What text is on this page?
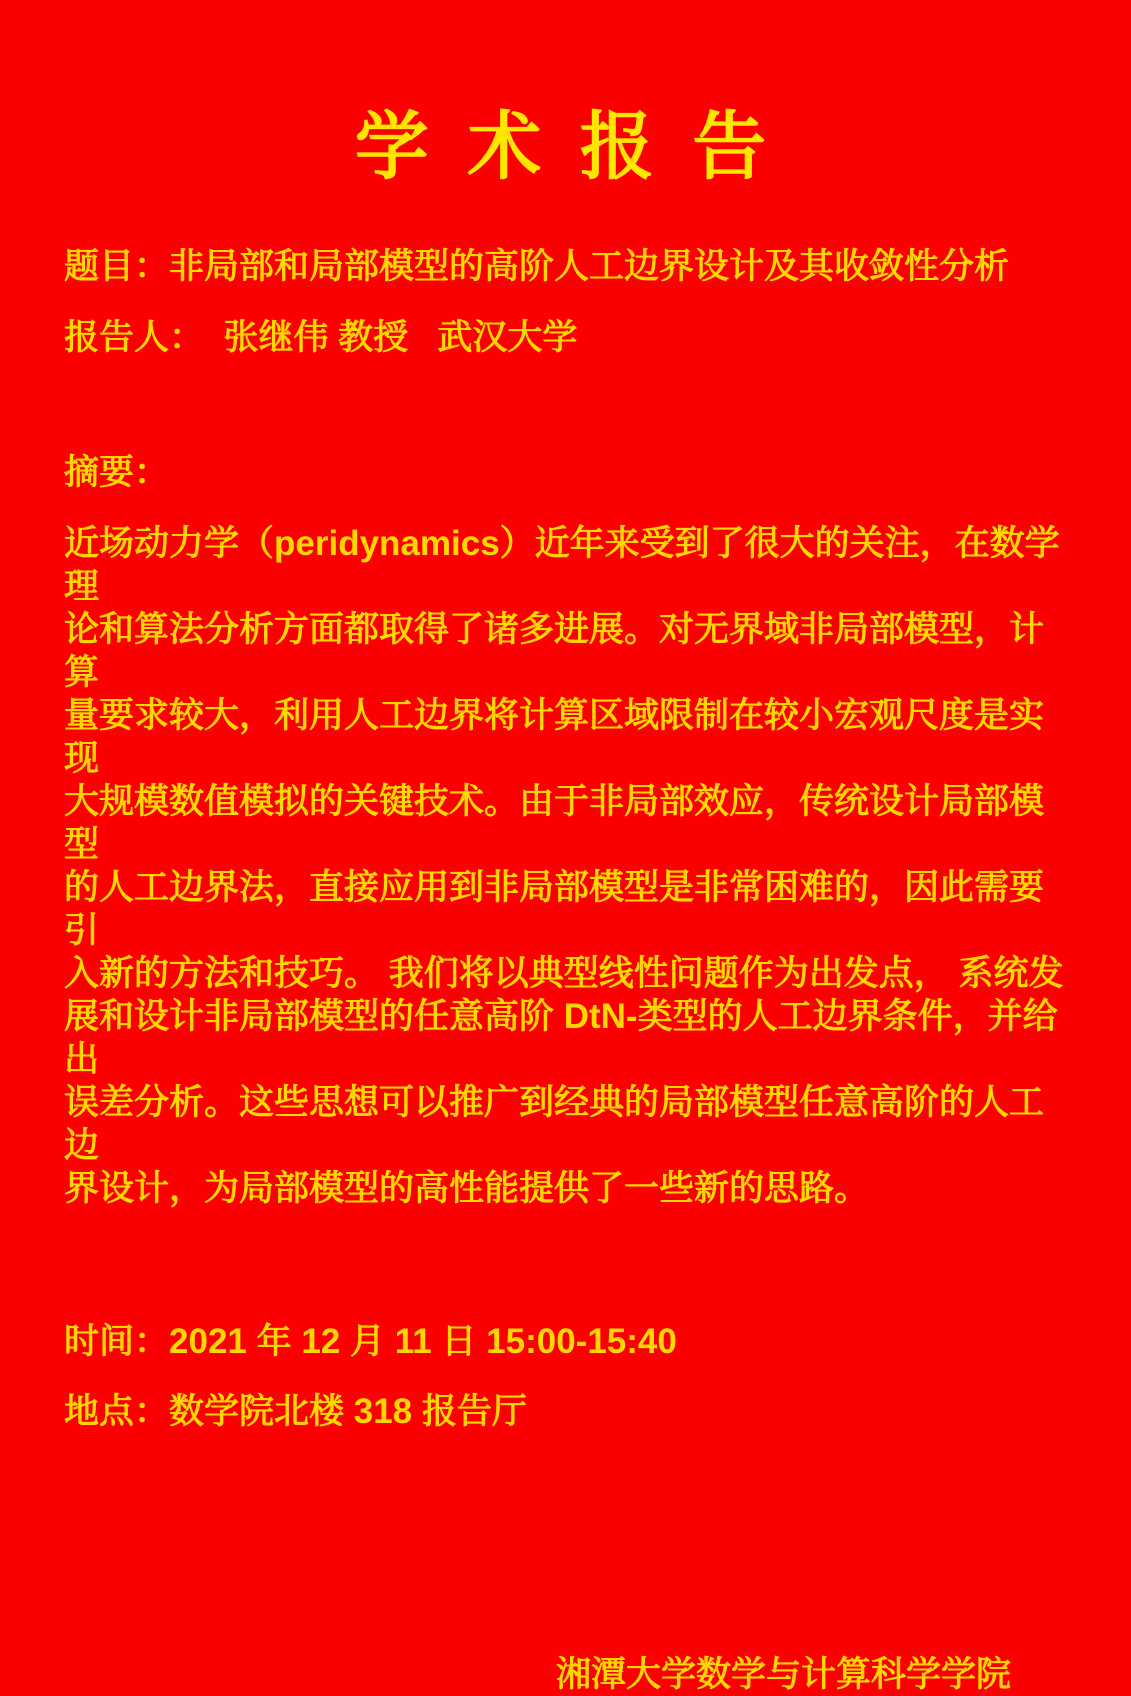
学 术 报 告
题目：非局部和局部模型的高阶人工边界设计及其收敛性分析
报告人：  张继伟 教授   武汉大学
摘要：
近场动力学（peridynamics）近年来受到了很大的关注，在数学理
论和算法分析方面都取得了诸多进展。对无界域非局部模型，计算
量要求较大，利用人工边界将计算区域限制在较小宏观尺度是实现
大规模数值模拟的关键技术。由于非局部效应，传统设计局部模型
的人工边界法，直接应用到非局部模型是非常困难的，因此需要引
入新的方法和技巧。 我们将以典型线性问题作为出发点， 系统发
展和设计非局部模型的任意高阶 DtN-类型的人工边界条件，并给出
误差分析。这些思想可以推广到经典的局部模型任意高阶的人工边
界设计，为局部模型的高性能提供了一些新的思路。
时间：2021 年 12 月 11 日 15:00-15:40
地点：数学院北楼 318 报告厅
湘潭大学数学与计算科学学院
